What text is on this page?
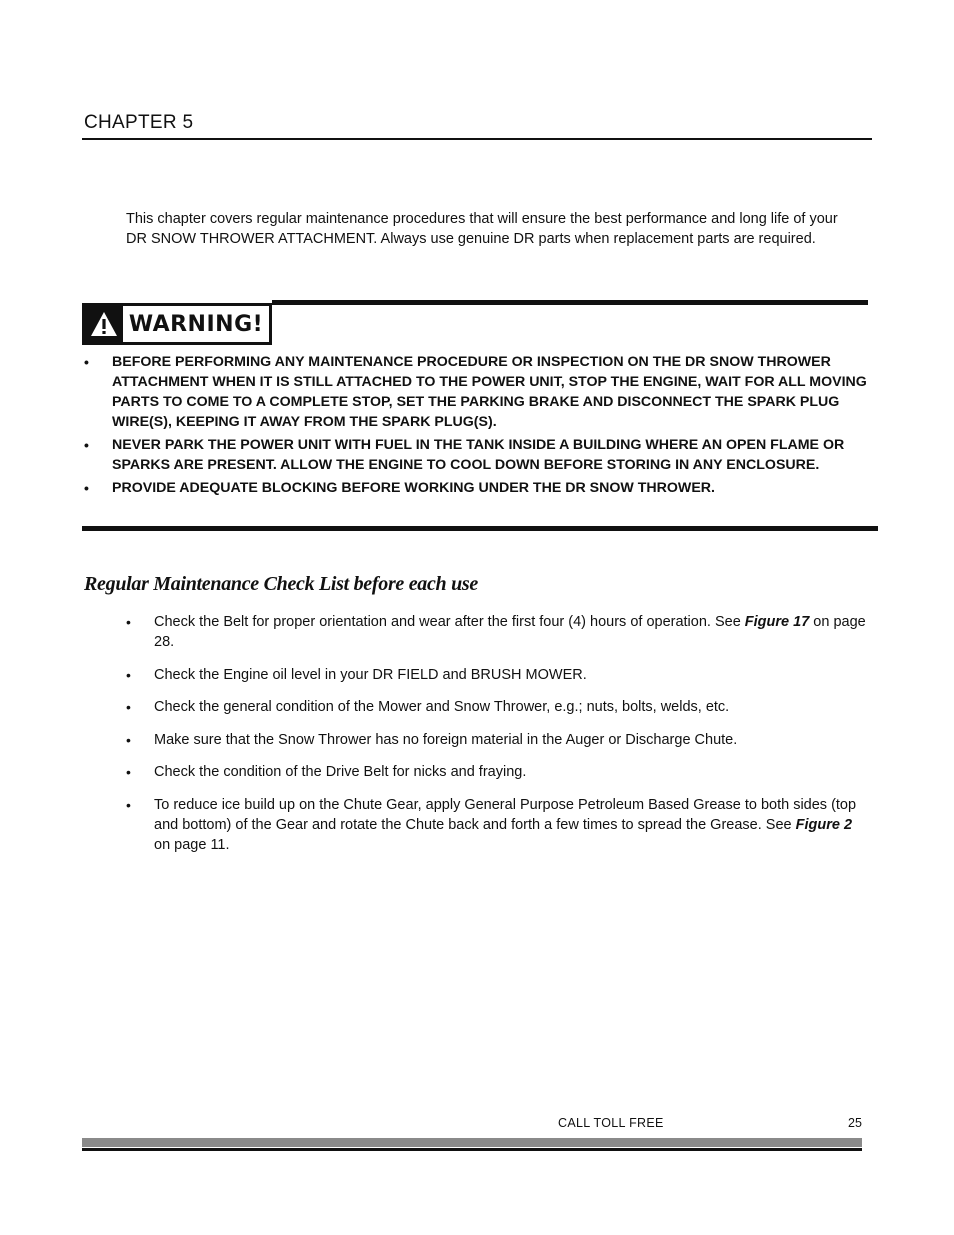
CHAPTER 5
This chapter covers regular maintenance procedures that will ensure the best performance and long life of your DR SNOW THROWER ATTACHMENT. Always use genuine DR parts when replacement parts are required.
WARNING!
• BEFORE PERFORMING ANY MAINTENANCE PROCEDURE OR INSPECTION ON THE DR SNOW THROWER ATTACHMENT WHEN IT IS STILL ATTACHED TO THE POWER UNIT, STOP THE ENGINE, WAIT FOR ALL MOVING PARTS TO COME TO A COMPLETE STOP, SET THE PARKING BRAKE AND DISCONNECT THE SPARK PLUG WIRE(S), KEEPING IT AWAY FROM THE SPARK PLUG(S).
• NEVER PARK THE POWER UNIT WITH FUEL IN THE TANK INSIDE A BUILDING WHERE AN OPEN FLAME OR SPARKS ARE PRESENT. ALLOW THE ENGINE TO COOL DOWN BEFORE STORING IN ANY ENCLOSURE.
• PROVIDE ADEQUATE BLOCKING BEFORE WORKING UNDER THE DR SNOW THROWER.
Regular Maintenance Check List before each use
• Check the Belt for proper orientation and wear after the first four (4) hours of operation. See Figure 17 on page 28.
• Check the Engine oil level in your DR FIELD and BRUSH MOWER.
• Check the general condition of the Mower and Snow Thrower, e.g.; nuts, bolts, welds, etc.
• Make sure that the Snow Thrower has no foreign material in the Auger or Discharge Chute.
• Check the condition of the Drive Belt for nicks and fraying.
• To reduce ice build up on the Chute Gear, apply General Purpose Petroleum Based Grease to both sides (top and bottom) of the Gear and rotate the Chute back and forth a few times to spread the Grease. See Figure 2 on page 11.
CALL TOLL FREE	25
